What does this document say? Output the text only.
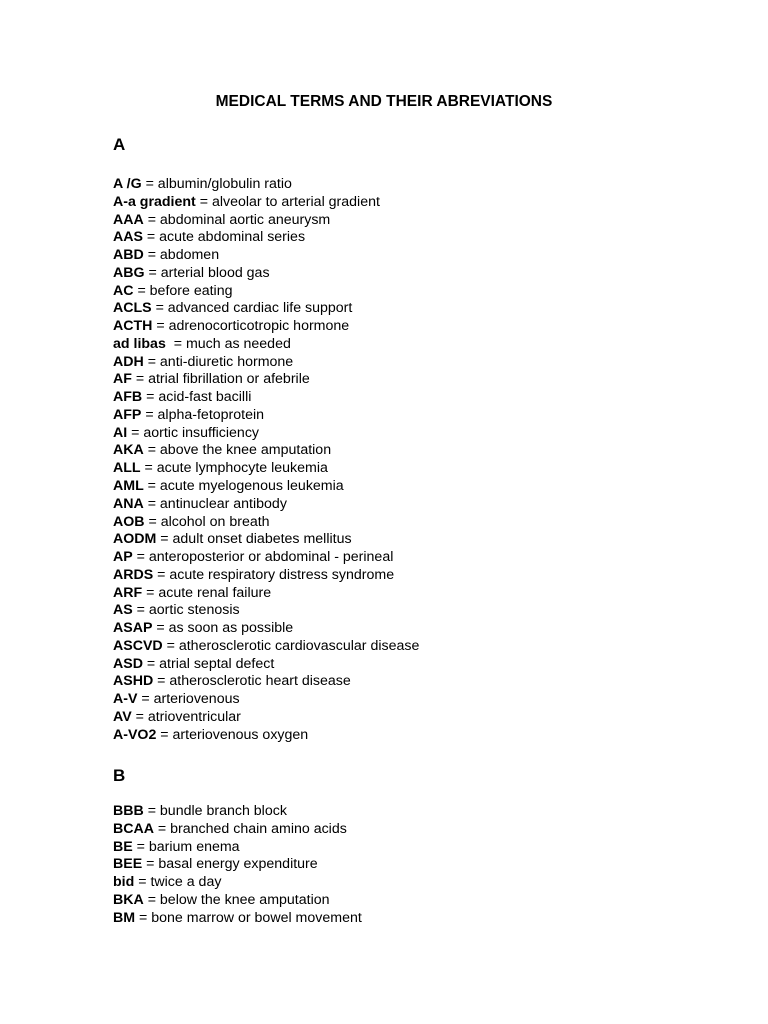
MEDICAL TERMS AND THEIR ABREVIATIONS
A
A /G = albumin/globulin ratio
A-a gradient = alveolar to arterial gradient
AAA = abdominal aortic aneurysm
AAS = acute abdominal series
ABD = abdomen
ABG = arterial blood gas
AC = before eating
ACLS = advanced cardiac life support
ACTH = adrenocorticotropic hormone
ad libas  = much as needed
ADH = anti-diuretic hormone
AF = atrial fibrillation or afebrile
AFB = acid-fast bacilli
AFP = alpha-fetoprotein
AI = aortic insufficiency
AKA = above the knee amputation
ALL = acute lymphocyte leukemia
AML = acute myelogenous leukemia
ANA = antinuclear antibody
AOB = alcohol on breath
AODM = adult onset diabetes mellitus
AP = anteroposterior or abdominal - perineal
ARDS = acute respiratory distress syndrome
ARF = acute renal failure
AS = aortic stenosis
ASAP = as soon as possible
ASCVD = atherosclerotic cardiovascular disease
ASD = atrial septal defect
ASHD = atherosclerotic heart disease
A-V = arteriovenous
AV = atrioventricular
A-VO2 = arteriovenous oxygen
B
BBB = bundle branch block
BCAA = branched chain amino acids
BE = barium enema
BEE = basal energy expenditure
bid = twice a day
BKA = below the knee amputation
BM = bone marrow or bowel movement
